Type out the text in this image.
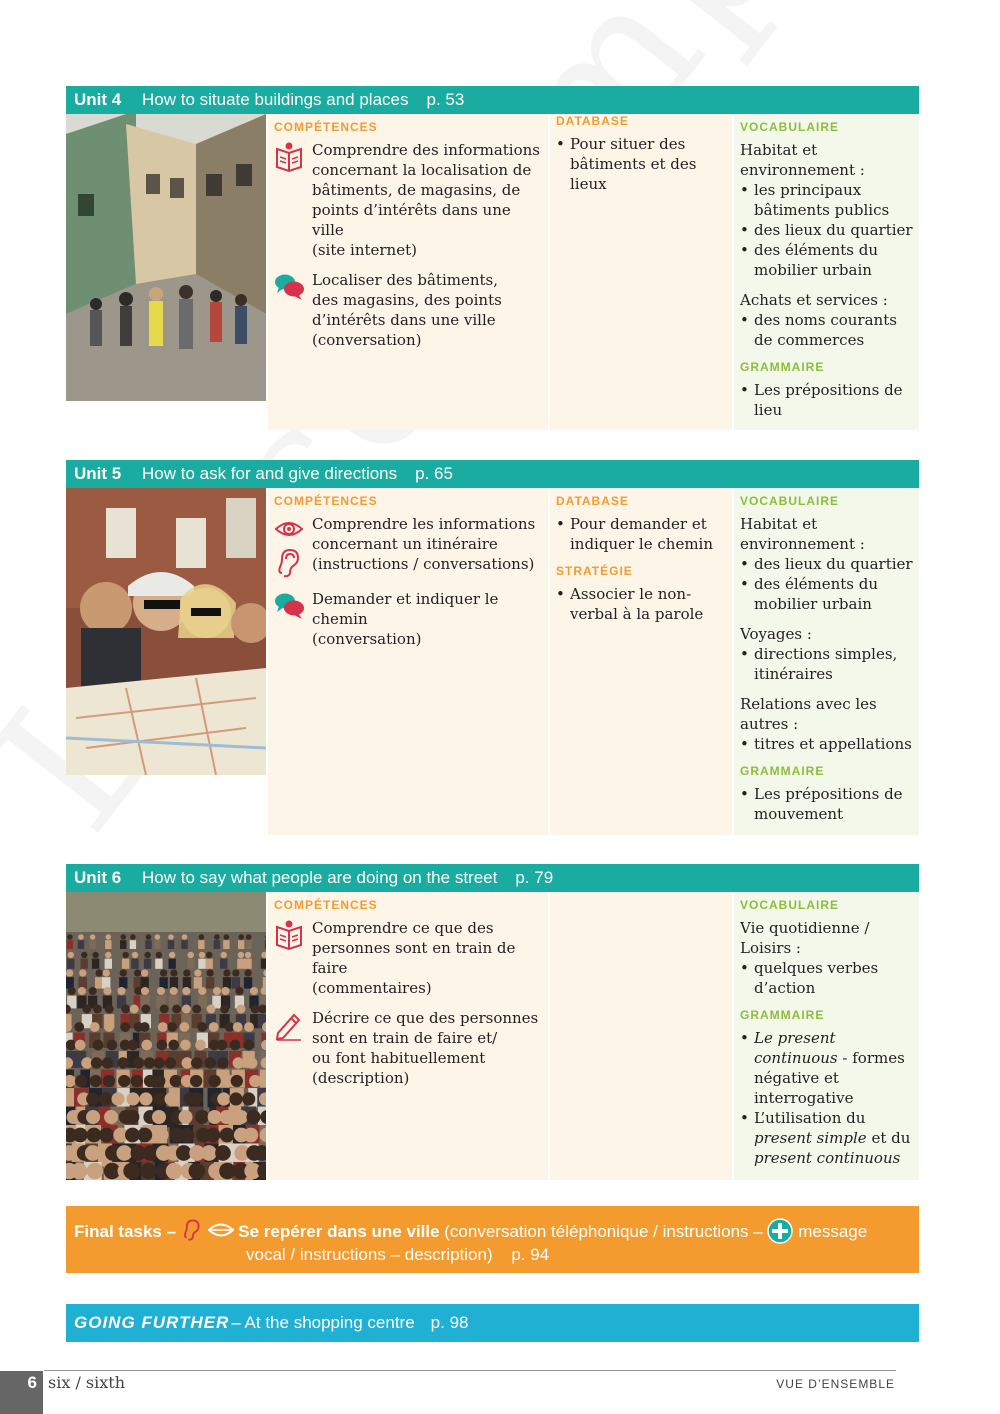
Unit 4	How to situate buildings and places p. 53
COMPÉTENCES
Comprendre des informations
concernant la localisation de
bâtiments, de magasins, de
points d’intérêts dans une
ville
(site internet)
Localiser des bâtiments,
des magasins, des points
d’intérêts dans une ville
(conversation)
DATABASE
• Pour situer des bâtiments et des lieux
VOCABULAIRE
Habitat et environnement :
• les principaux bâtiments publics
• des lieux du quartier
• des éléments du mobilier urbain
Achats et services :
• des noms courants de commerces
GRAMMAIRE
• Les prépositions de lieu
Unit 5	How to ask for and give directions p. 65
COMPÉTENCES
Comprendre les informations
concernant un itinéraire
(instructions / conversations)
Demander et indiquer le
chemin
(conversation)
DATABASE
• Pour demander et indiquer le chemin
STRATÉGIE
• Associer le non-verbal à la parole
VOCABULAIRE
Habitat et environnement :
• des lieux du quartier
• des éléments du mobilier urbain
Voyages :
• directions simples, itinéraires
Relations avec les autres :
• titres et appellations
GRAMMAIRE
• Les prépositions de mouvement
Unit 6	How to say what people are doing on the street p. 79
COMPÉTENCES
Comprendre ce que des
personnes sont en train de
faire
(commentaires)
Décrire ce que des personnes
sont en train de faire et/
ou font habituellement
(description)
VOCABULAIRE
Vie quotidienne / Loisirs :
• quelques verbes d’action
GRAMMAIRE
• Le present continuous - formes négative et interrogative
• L’utilisation du present simple et du present continuous
Final tasks –	Se repérer dans une ville (conversation téléphonique / instructions – message
vocal / instructions – description) p. 94
GOING FURTHER – At the shopping centre p. 98
6 six / sixth	VUE D’ENSEMBLE
